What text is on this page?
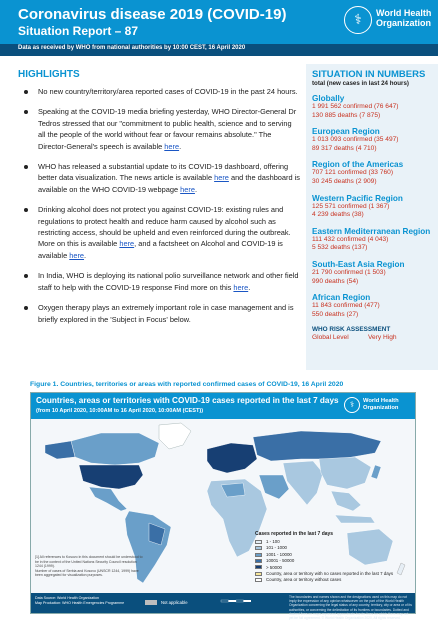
Coronavirus disease 2019 (COVID-19)
Situation Report – 87
⚕	World Health
Organization
Data as received by WHO from national authorities by 10:00 CEST, 16 April 2020
HIGHLIGHTS
No new country/territory/area reported cases of COVID-19 in the past 24 hours.
Speaking at the COVID-19 media briefing yesterday, WHO Director-General Dr Tedros stressed that our "commitment to public health, science and to serving all the people of the world without fear or favour remains absolute." The Director-General's speech is available here.
WHO has released a substantial update to its COVID-19 dashboard, offering better data visualization. The news article is available here and the dashboard is available on the WHO COVID-19 webpage here.
Drinking alcohol does not protect you against COVID-19: existing rules and regulations to protect health and reduce harm caused by alcohol such as restricting access, should be upheld and even reinforced during the outbreak. More on this is available here, and a factsheet on Alcohol and COVID-19 is available here.
In India, WHO is deploying its national polio surveillance network and other field staff to help with the COVID-19 response Find more on this here.
Oxygen therapy plays an extremely important role in case management and is briefly explored in the 'Subject in Focus' below.
SITUATION IN NUMBERS
total (new cases in last 24 hours)
Globally
1 991 562 confirmed (76 647)
130 885 deaths (7 875)
European Region
1 013 093 confirmed (35 497)
89 317 deaths (4 710)
Region of the Americas
707 121 confirmed (33 760)
30 245 deaths (2 909)
Western Pacific Region
125 571 confirmed (1 367)
4 239 deaths (38)
Eastern Mediterranean Region
111 432 confirmed (4 043)
5 532 deaths (137)
South-East Asia Region
21 790 confirmed (1 503)
990 deaths (54)
African Region
11 843 confirmed (477)
550 deaths (27)
WHO RISK ASSESSMENT
Global Level	Very High
Figure 1. Countries, territories or areas with reported confirmed cases of COVID-19, 16 April 2020
Countries, areas or territories with COVID-19 cases reported in the last 7 days
(from 10 April 2020, 10:00AM to 16 April 2020, 10:00AM (CEST))
⚕	World Health
Organization
[1] All references to Kosovo in this document should be understood to be in the context of the United Nations Security Council resolution 1244 (1999).
Number of cases of Serbia and Kosovo (UNSCR 1244, 1999) have been aggregated for visualization purposes.
Cases reported in the last 7 days
1 - 100
101 - 1000
1001 - 10000
10001 - 50000
> 50000
Country, area or territory with no cases reported in the last 7 days
Country, area or territory without cases
Data Source: World Health Organization
Map Production: WHO Health Emergencies Programme	Not applicable
The boundaries and names shown and the designations used on this map do not imply the expression of any opinion whatsoever on the part of the World Health Organization concerning the legal status of any country, territory, city or area or of its authorities, or concerning the delimitation of its frontiers or boundaries. Dotted and dashed lines on maps represent approximate border lines for which there may not yet be full agreement. © World Health Organization 2020, All rights reserved.
